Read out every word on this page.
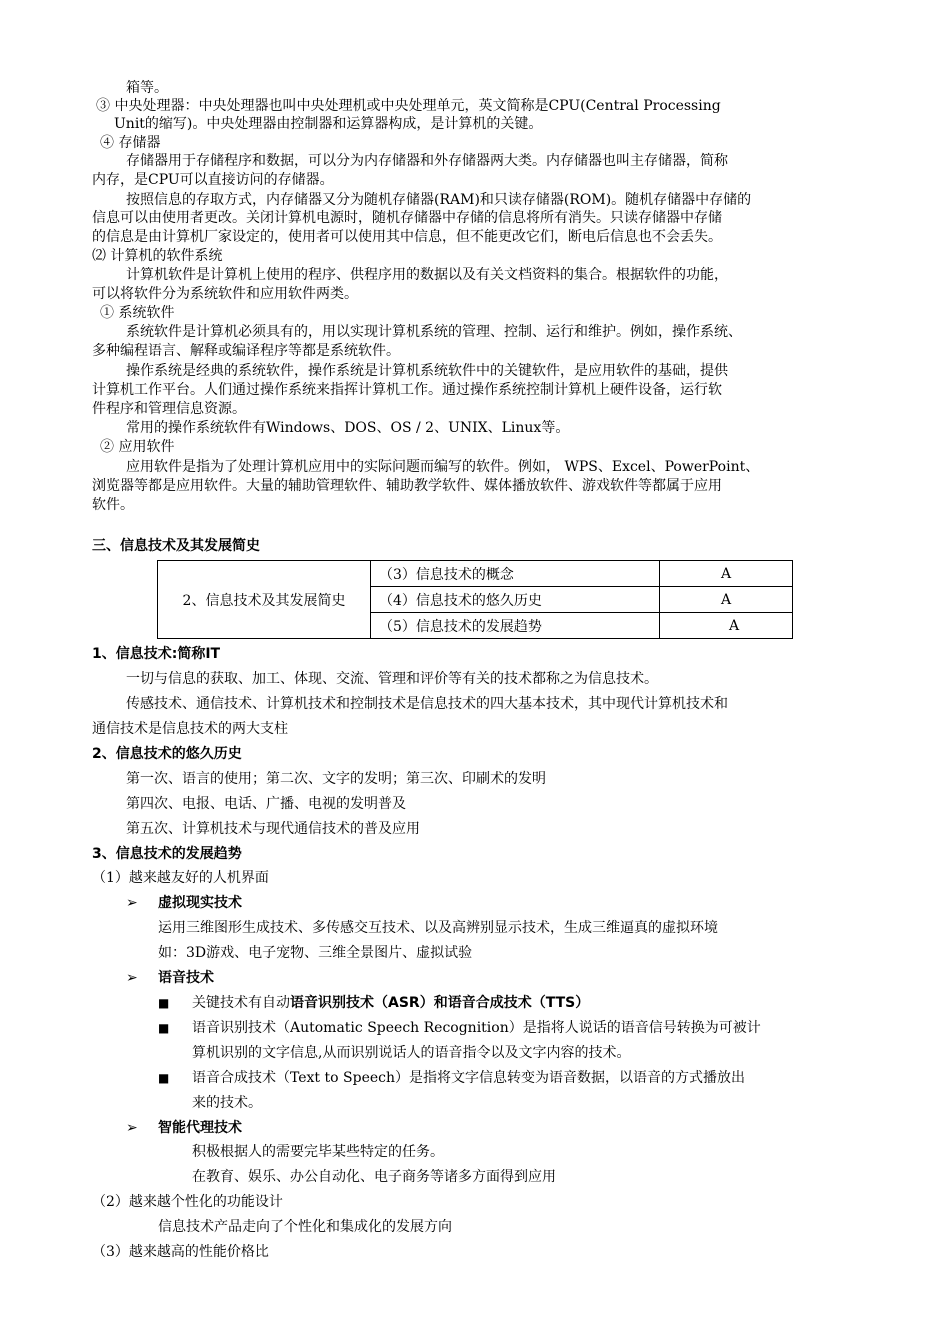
箱等。
③ 中央处理器：中央处理器也叫中央处理机或中央处理单元，英文简称是CPU(Central Processing
Unit的缩写)。中央处理器由控制器和运算器构成，是计算机的关键。
④ 存储器
存储器用于存储程序和数据，可以分为内存储器和外存储器两大类。内存储器也叫主存储器，简称
内存，是CPU可以直接访问的存储器。
按照信息的存取方式，内存储器又分为随机存储器(RAM)和只读存储器(ROM)。随机存储器中存储的
信息可以由使用者更改。关闭计算机电源时，随机存储器中存储的信息将所有消失。只读存储器中存储
的信息是由计算机厂家设定的，使用者可以使用其中信息，但不能更改它们，断电后信息也不会丢失。
⑵ 计算机的软件系统
计算机软件是计算机上使用的程序、供程序用的数据以及有关文档资料的集合。根据软件的功能，
可以将软件分为系统软件和应用软件两类。
① 系统软件
系统软件是计算机必须具有的，用以实现计算机系统的管理、控制、运行和维护。例如，操作系统、
多种编程语言、解释或编译程序等都是系统软件。
操作系统是经典的系统软件，操作系统是计算机系统软件中的关键软件，是应用软件的基础，提供
计算机工作平台。人们通过操作系统来指挥计算机工作。通过操作系统控制计算机上硬件设备，运行软
件程序和管理信息资源。
常用的操作系统软件有Windows、DOS、OS / 2、UNIX、Linux等。
② 应用软件
应用软件是指为了处理计算机应用中的实际问题而编写的软件。例如， WPS、Excel、PowerPoint、
浏览器等都是应用软件。大量的辅助管理软件、辅助教学软件、媒体播放软件、游戏软件等都属于应用
软件。
三、信息技术及其发展简史
2、信息技术及其发展简史	（3）信息技术的概念	A
	（4）信息技术的悠久历史	A
	（5）信息技术的发展趋势	A
1、信息技术:简称IT
一切与信息的获取、加工、体现、交流、管理和评价等有关的技术都称之为信息技术。
传感技术、通信技术、计算机技术和控制技术是信息技术的四大基本技术，其中现代计算机技术和
通信技术是信息技术的两大支柱
2、信息技术的悠久历史
第一次、语言的使用；第二次、文字的发明；第三次、印刷术的发明
第四次、电报、电话、广播、电视的发明普及
第五次、计算机技术与现代通信技术的普及应用
3、信息技术的发展趋势
（1）越来越友好的人机界面
➢ 虚拟现实技术
运用三维图形生成技术、多传感交互技术、以及高辨别显示技术，生成三维逼真的虚拟环境
如：3D游戏、电子宠物、三维全景图片、虚拟试验
➢ 语音技术
■ 关键技术有自动语音识别技术（ASR）和语音合成技术（TTS）
■ 语音识别技术（Automatic Speech Recognition）是指将人说话的语音信号转换为可被计
算机识别的文字信息,从而识别说话人的语音指令以及文字内容的技术。
■ 语音合成技术（Text to Speech）是指将文字信息转变为语音数据，以语音的方式播放出
来的技术。
➢ 智能代理技术
积极根据人的需要完毕某些特定的任务。
在教育、娱乐、办公自动化、电子商务等诸多方面得到应用
（2）越来越个性化的功能设计
信息技术产品走向了个性化和集成化的发展方向
（3）越来越高的性能价格比
